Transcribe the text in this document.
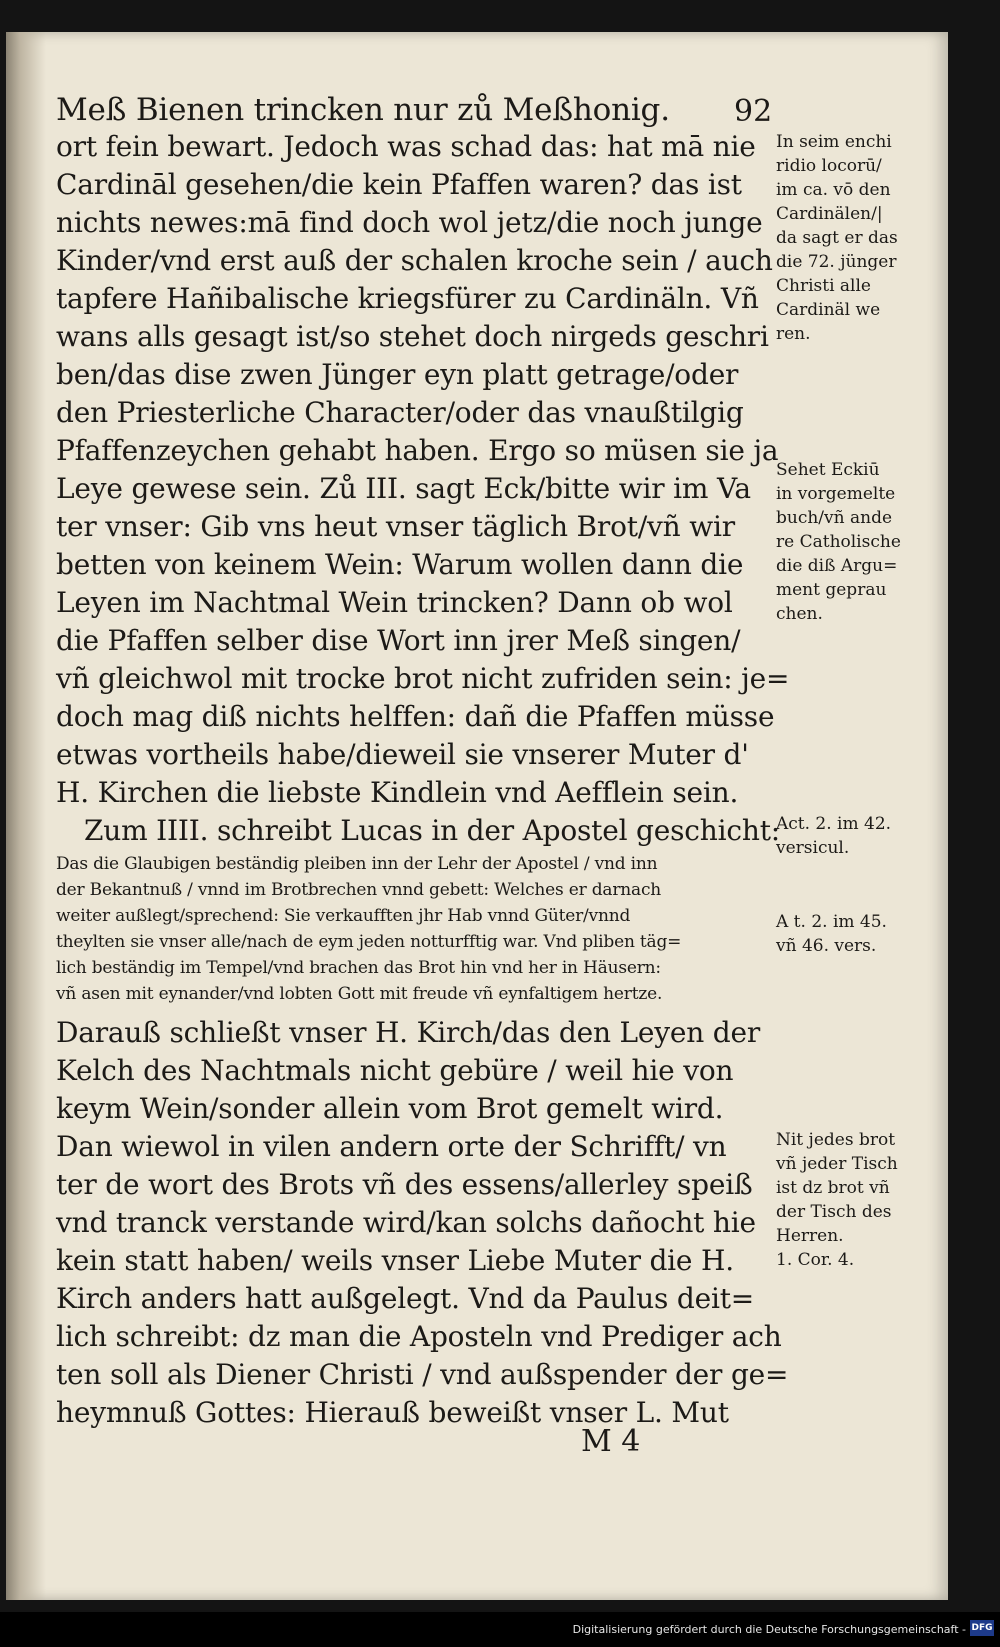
Meß Bienen trincken nur zů Meßhonig. 92
ort fein bewart. Jedoch was schad das: hat mā nie
Cardināl gesehen/die kein Pfaffen waren? das ist
nichts newes:mā find doch wol jetz/die noch junge
Kinder/vnd erst auß der schalen kroche sein / auch
tapfere Hañibalische kriegsfürer zu Cardinäln. Vñ
wans alls gesagt ist/so stehet doch nirgeds geschri
ben/das dise zwen Jünger eyn platt getrage/oder
den Priesterliche Character/oder das vnaußtilgig
Pfaffenzeychen gehabt haben. Ergo so müsen sie ja
Leye gewese sein. Zů III. sagt Eck/bitte wir im Va
ter vnser: Gib vns heut vnser täglich Brot/vñ wir
betten von keinem Wein: Warum wollen dann die
Leyen im Nachtmal Wein trincken? Dann ob wol
die Pfaffen selber dise Wort inn jrer Meß singen/
vñ gleichwol mit trocke brot nicht zufriden sein: je=
doch mag diß nichts helffen: dañ die Pfaffen müsse
etwas vortheils habe/dieweil sie vnserer Muter d'
H. Kirchen die liebste Kindlein vnd Aefflein sein.
Zum IIII. schreibt Lucas in der Apostel geschicht:
Das die Glaubigen beständig pleiben inn der Lehr der Apostel / vnd inn
der Bekantnuß / vnnd im Brotbrechen vnnd gebett: Welches er darnach
weiter außlegt/sprechend: Sie verkaufften jhr Hab vnnd Güter/vnnd
theylten sie vnser alle/nach de eym jeden notturfftig war. Vnd pliben täg=
lich beständig im Tempel/vnd brachen das Brot hin vnd her in Häusern:
vñ asen mit eynander/vnd lobten Gott mit freude vñ eynfaltigem hertze.
Darauß schließt vnser H. Kirch/das den Leyen der
Kelch des Nachtmals nicht gebüre / weil hie von
keym Wein/sonder allein vom Brot gemelt wird.
Dan wiewol in vilen andern orte der Schrifft/ vn
ter de wort des Brots vñ des essens/allerley speiß
vnd tranck verstande wird/kan solchs dañocht hie
kein statt haben/ weils vnser Liebe Muter die H.
Kirch anders hatt außgelegt. Vnd da Paulus deit=
lich schreibt: dz man die Aposteln vnd Prediger ach
ten soll als Diener Christi / vnd außspender der ge=
heymnuß Gottes: Hierauß beweißt vnser L. Mut
M 4
In seim enchi
ridio locorū/
im ca. vō den
Cardinälen/|
da sagt er das
die 72. jünger
Christi alle
Cardinäl we
ren.
Sehet Eckiū
in vorgemelte
buch/vñ ande
re Catholische
die diß Argu=
ment geprau
chen.
Act. 2. im 42.
versicul.
A t. 2. im 45.
vñ 46. vers.
Nit jedes brot
vñ jeder Tisch
ist dz brot vñ
der Tisch des
Herren.
1. Cor. 4.
Digitalisierung gefördert durch die Deutsche Forschungsgemeinschaft - DFG
